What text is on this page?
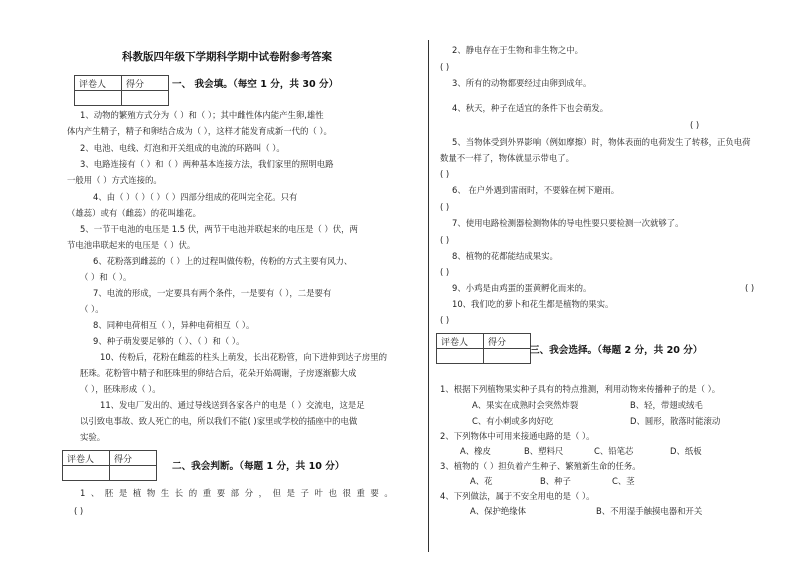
科教版四年级下学期科学期中试卷附参考答案
评卷人	得分
		一、 我会填。（每空 1 分，共 30 分）
1、动物的繁殖方式分为（ ）和（ ）；其中雌性体内能产生卵,雄性
体内产生精子，精子和卵结合成为（ ），这样才能发育成新一代的（ ）。
2、电池、电线、灯泡和开关组成的电流的环路叫（ ）。
3、电路连接有（ ）和（ ）两种基本连接方法，我们家里的照明电路
一般用（ ）方式连接的。
4、由（ ）（ ）（ ）（ ）四部分组成的花叫完全花。只有
（雄蕊）或有（雌蕊）的花叫雄花。
5、一节干电池的电压是 1.5 伏，两节干电池并联起来的电压是（ ）伏，两
节电池串联起来的电压是（ ）伏。
6、花粉落到雌蕊的（ ）上的过程叫做传粉，传粉的方式主要有风力、
（ ）和（ ）。
7、电流的形成，一定要具有两个条件，一是要有（ ），二是要有
（ ）。
8、同种电荷相互（ ），异种电荷相互（ ）。
9、种子萌发要足够的（ ）、（ ）和（ ）。
10、传粉后，花粉在雌蕊的柱头上萌发，长出花粉管，向下进伸到达子房里的
胚珠。花粉管中精子和胚珠里的卵结合后，花朵开始凋谢，子房逐渐膨大成
（ ），胚珠形成（ ）。
11、发电厂发出的、通过导线送到各家各户的电是（ ）交流电，这是足
以引致电事故、致人死亡的电，所以我们不能( )家里或学校的插座中的电做
实验。
评卷人	得分

二、我会判断。（每题 1 分，共 10 分）
1、胚是植物生长的重要部分，但是子叶也很重要。
( )
2、静电存在于生物和非生物之中。
( )
3、所有的动物都要经过由卵到成年。
4、秋天，种子在适宜的条件下也会萌发。
( )
5、当物体受到外界影响（例如摩擦）时，物体表面的电荷发生了转移，正负电荷
数量不一样了，物体就显示带电了。
( )
6、 在户外遇到雷雨时，不要躲在树下避雨。
( )
7、使用电路检测器检测物体的导电性要只要检测一次就够了。
( )
8、植物的花都能结成果实。
( )
9、小鸡是由鸡蛋的蛋黄孵化而来的。	( )
10、我们吃的萝卜和花生都是植物的果实。
( )
评卷人	得分

三、我会选择。（每题 2 分，共 20 分）
1、根据下列植物果实种子具有的特点推测，利用动物来传播种子的是（ ）。
A、果实在成熟时会突然炸裂	B、轻，带翅或绒毛
C、有小刺或多肉好吃	D、圆形，散落时能滚动
2、下列物体中可用来接通电路的是（ ）。
A、橡皮	B、塑料尺	C、铅笔芯	D、纸板
3、植物的（ ）担负着产生种子、繁殖新生命的任务。
A、花	B、种子	C、茎
4、下列做法，属于不安全用电的是（ ）。
A、保护绝缘体	B、不用湿手触摸电器和开关
